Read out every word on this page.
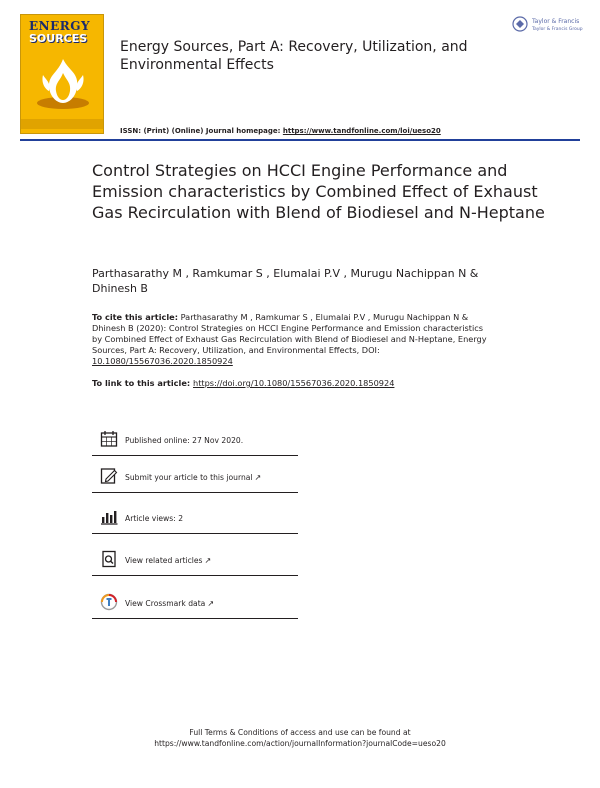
ENERGY
SOURCES
Energy Sources, Part A: Recovery, Utilization, and Environmental Effects
Taylor & Francis
Taylor & Francis Group
ISSN: (Print) (Online) Journal homepage: https://www.tandfonline.com/loi/ueso20
Control Strategies on HCCI Engine Performance and Emission characteristics by Combined Effect of Exhaust Gas Recirculation with Blend of Biodiesel and N-Heptane
Parthasarathy M , Ramkumar S , Elumalai P.V , Murugu Nachippan N & Dhinesh B
To cite this article: Parthasarathy M , Ramkumar S , Elumalai P.V , Murugu Nachippan N & Dhinesh B (2020): Control Strategies on HCCI Engine Performance and Emission characteristics by Combined Effect of Exhaust Gas Recirculation with Blend of Biodiesel and N-Heptane, Energy Sources, Part A: Recovery, Utilization, and Environmental Effects, DOI: 10.1080/15567036.2020.1850924
To link to this article: https://doi.org/10.1080/15567036.2020.1850924
Published online: 27 Nov 2020.
Submit your article to this journal ↗
Article views: 2
View related articles ↗
View Crossmark data ↗
Full Terms & Conditions of access and use can be found at
https://www.tandfonline.com/action/journalInformation?journalCode=ueso20
